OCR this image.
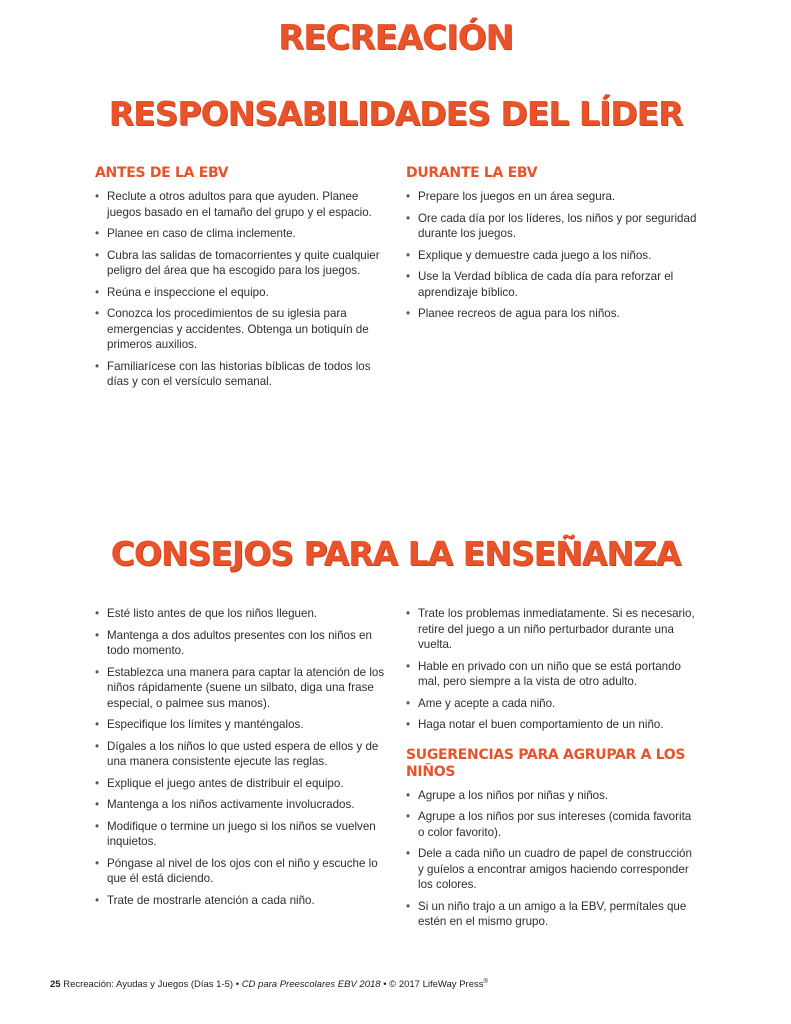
RECREACIÓN
RESPONSABILIDADES DEL LÍDER
ANTES DE LA EBV
• Reclute a otros adultos para que ayuden. Planee juegos basado en el tamaño del grupo y el espacio.
• Planee en caso de clima inclemente.
• Cubra las salidas de tomacorrientes y quite cualquier peligro del área que ha escogido para los juegos.
• Reúna e inspeccione el equipo.
• Conozca los procedimientos de su iglesia para emergencias y accidentes. Obtenga un botiquín de primeros auxilios.
• Familiarícese con las historias bíblicas de todos los días y con el versículo semanal.
DURANTE LA EBV
• Prepare los juegos en un área segura.
• Ore cada día por los líderes, los niños y por seguridad durante los juegos.
• Explique y demuestre cada juego a los niños.
• Use la Verdad bíblica de cada día para reforzar el aprendizaje bíblico.
• Planee recreos de agua para los niños.
CONSEJOS PARA LA ENSEÑANZA
• Esté listo antes de que los niños lleguen.
• Mantenga a dos adultos presentes con los niños en todo momento.
• Establezca una manera para captar la atención de los niños rápidamente (suene un silbato, diga una frase especial, o palmee sus manos).
• Especifique los límites y manténgalos.
• Dígales a los niños lo que usted espera de ellos y de una manera consistente ejecute las reglas.
• Explique el juego antes de distribuir el equipo.
• Mantenga a los niños activamente involucrados.
• Modifique o termine un juego si los niños se vuelven inquietos.
• Póngase al nivel de los ojos con el niño y escuche lo que él está diciendo.
• Trate de mostrarle atención a cada niño.
• Trate los problemas inmediatamente. Si es necesario, retire del juego a un niño perturbador durante una vuelta.
• Hable en privado con un niño que se está portando mal, pero siempre a la vista de otro adulto.
• Ame y acepte a cada niño.
• Haga notar el buen comportamiento de un niño.
SUGERENCIAS PARA AGRUPAR A LOS NIÑOS
• Agrupe a los niños por niñas y niños.
• Agrupe a los niños por sus intereses (comida favorita o color favorito).
• Dele a cada niño un cuadro de papel de construcción y guíelos a encontrar amigos haciendo corresponder los colores.
• Si un niño trajo a un amigo a la EBV, permítales que estén en el mismo grupo.
25 Recreación: Ayudas y Juegos (Días 1-5) • CD para Preescolares EBV 2018 • © 2017 LifeWay Press®
